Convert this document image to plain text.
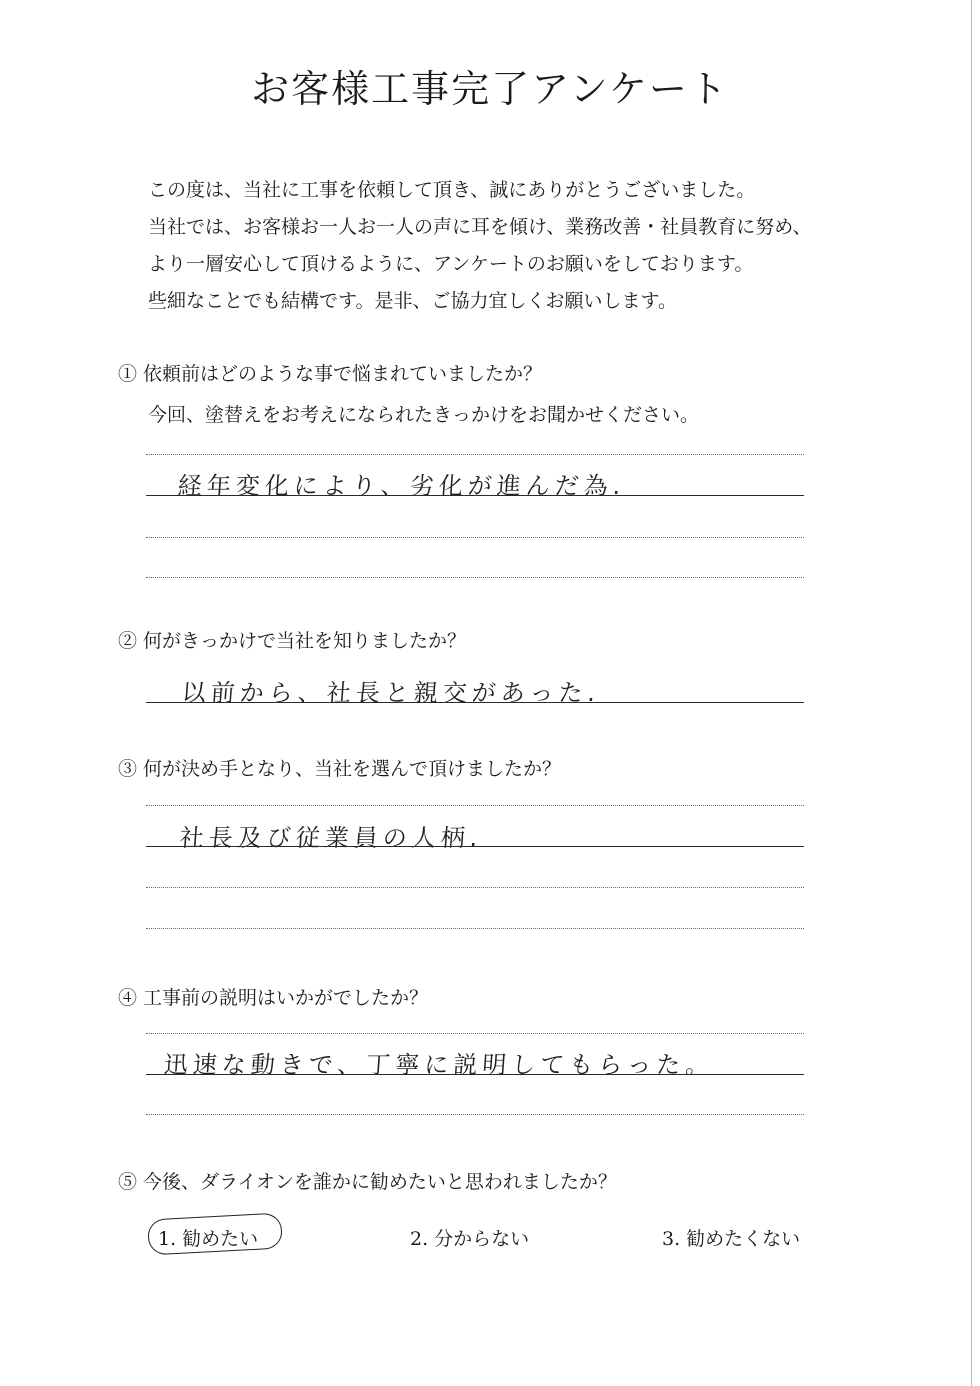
お客様工事完了アンケート

この度は、当社に工事を依頼して頂き、誠にありがとうございました。

当社では、お客様お一人お一人の声に耳を傾け、業務改善・社員教育に努め、

より一層安心して頂けるように、アンケートのお願いをしております。

些細なことでも結構です。是非、ご協力宜しくお願いします。

① 依頼前はどのような事で悩まれていましたか？
今回、塗替えをお考えになられたきっかけをお聞かせください。
経年変化により、劣化が進んだ為.
② 何がきっかけで当社を知りましたか？
以前から、社長と親交があった.
③ 何が決め手となり、当社を選んで頂けましたか？
社長及び従業員の人柄.
④ 工事前の説明はいかがでしたか？
迅速な動きで、丁寧に説明してもらった。
⑤ 今後、ダライオンを誰かに勧めたいと思われましたか？
1. 勧めたい	2. 分からない	3. 勧めたくない
